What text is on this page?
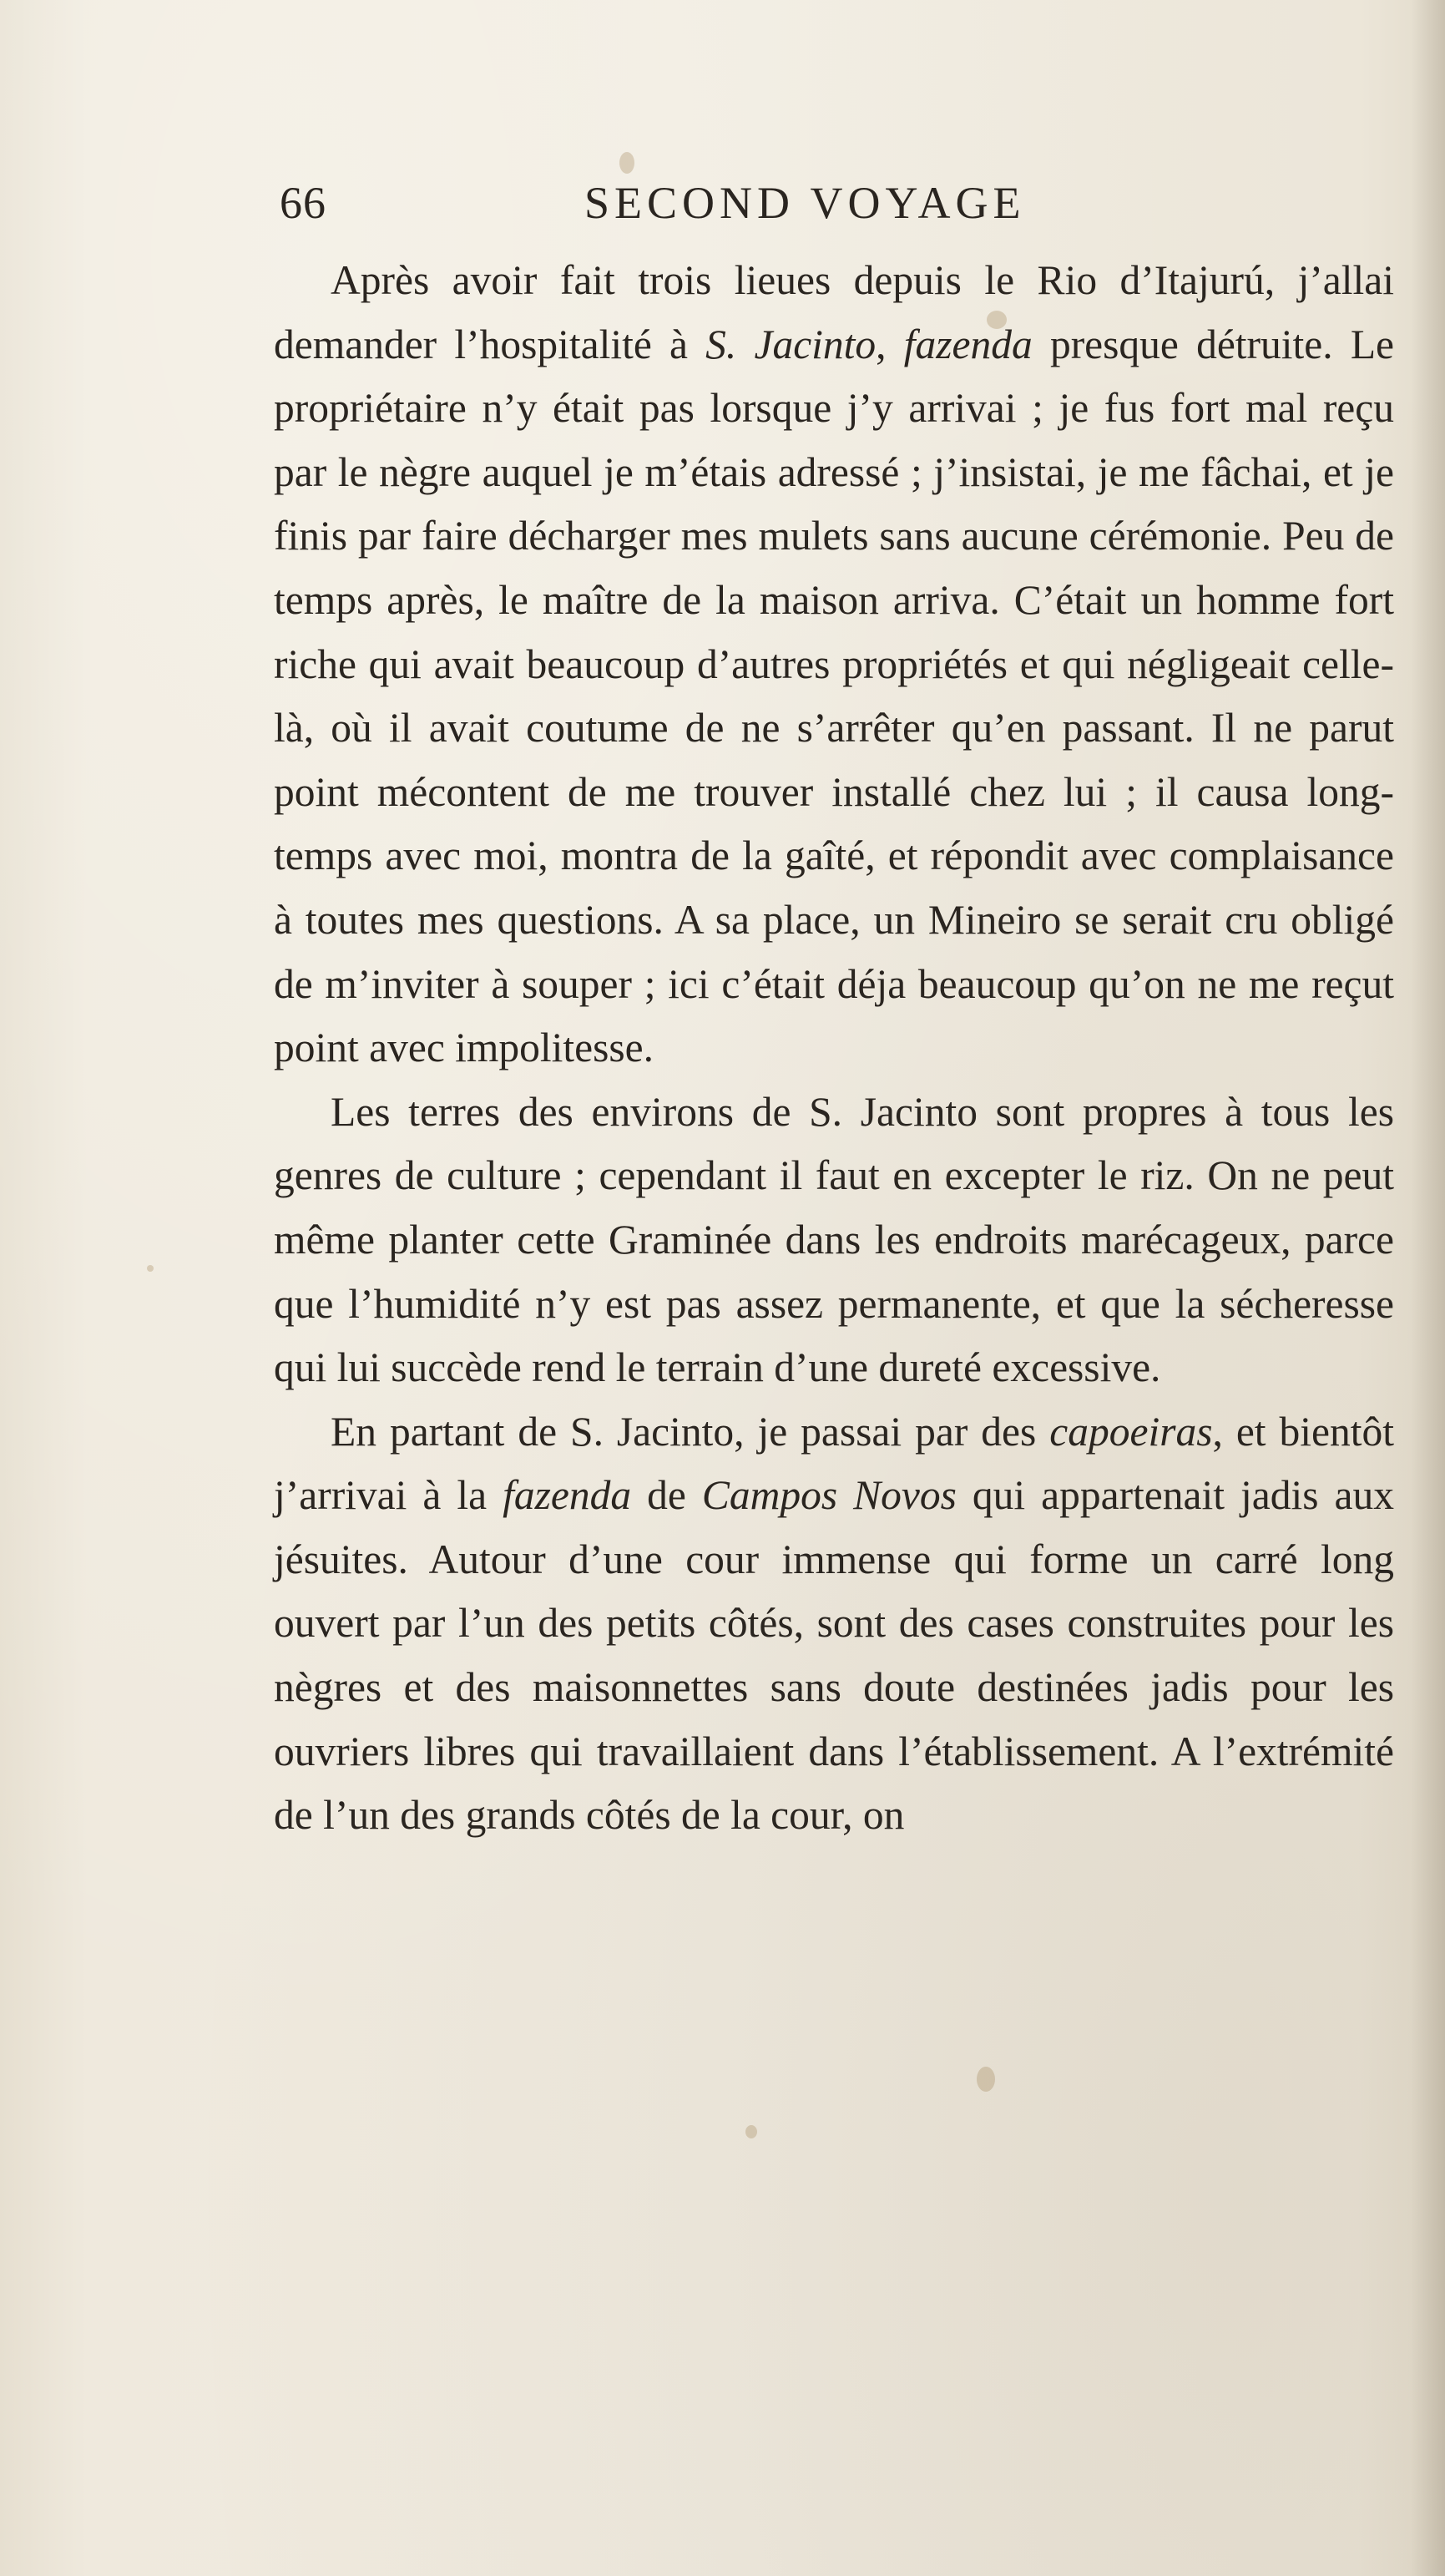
66	SECOND VOYAGE

Après avoir fait trois lieues depuis le Rio d’Itajurú, j’allai demander l’hospitalité à S. Jacinto, fazenda presque détruite. Le propriétaire n’y était pas lorsque j’y arrivai ; je fus fort mal reçu par le nègre auquel je m’étais adressé ; j’insistai, je me fâchai, et je finis par faire décharger mes mulets sans aucune cérémonie. Peu de temps après, le maître de la maison arriva. C’était un homme fort riche qui avait beaucoup d’autres propriétés et qui négligeait celle-là, où il avait coutume de ne s’arrêter qu’en passant. Il ne parut point mécontent de me trouver installé chez lui ; il causa long-temps avec moi, montra de la gaîté, et répondit avec complaisance à toutes mes questions. A sa place, un Mineiro se serait cru obligé de m’inviter à souper ; ici c’était déja beaucoup qu’on ne me reçut point avec impolitesse.

Les terres des environs de S. Jacinto sont propres à tous les genres de culture ; cependant il faut en excepter le riz. On ne peut même planter cette Graminée dans les endroits marécageux, parce que l’humidité n’y est pas assez permanente, et que la sécheresse qui lui succède rend le terrain d’une dureté excessive.

En partant de S. Jacinto, je passai par des capoeiras, et bientôt j’arrivai à la fazenda de Campos Novos qui appartenait jadis aux jésuites. Autour d’une cour immense qui forme un carré long ouvert par l’un des petits côtés, sont des cases construites pour les nègres et des maisonnettes sans doute destinées jadis pour les ouvriers libres qui travaillaient dans l’établissement. A l’extrémité de l’un des grands côtés de la cour, on
